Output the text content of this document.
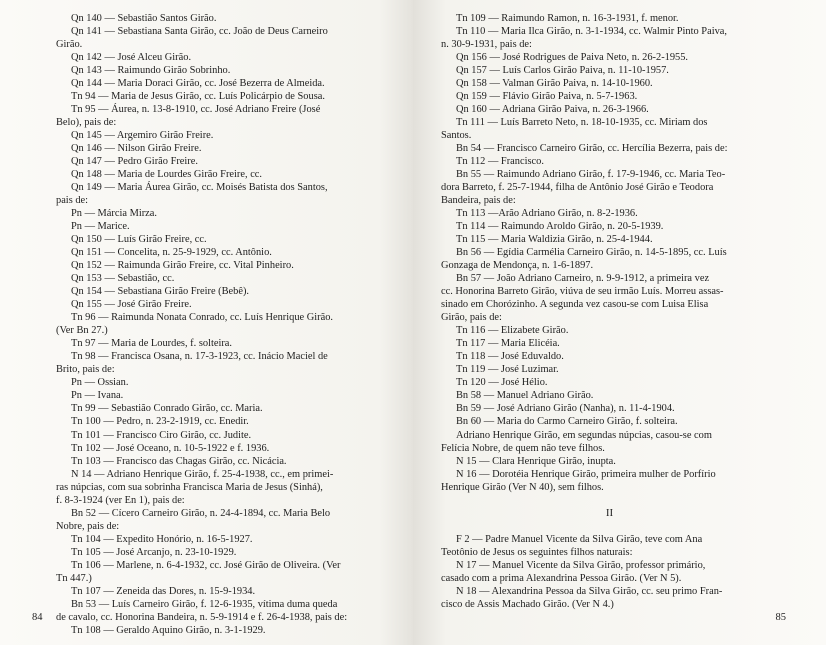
Qn 140 — Sebastião Santos Girão.
Qn 141 — Sebastiana Santa Girão, cc. João de Deus Carneiro
Girão.
Qn 142 — José Alceu Girão.
Qn 143 — Raimundo Girão Sobrinho.
Qn 144 — Maria Doraci Girão, cc. José Bezerra de Almeida.
Tn 94 — Maria de Jesus Girão, cc. Luís Policárpio de Sousa.
Tn 95 — Áurea, n. 13-8-1910, cc. José Adriano Freire (José
Belo), pais de:
Qn 145 — Argemiro Girão Freire.
Qn 146 — Nilson Girão Freire.
Qn 147 — Pedro Girão Freire.
Qn 148 — Maria de Lourdes Girão Freire, cc.
Qn 149 — Maria Áurea Girão, cc. Moisés Batista dos Santos,
pais de:
Pn — Márcia Mirza.
Pn — Marice.
Qn 150 — Luís Girão Freire, cc.
Qn 151 — Concelita, n. 25-9-1929, cc. Antônio.
Qn 152 — Raimunda Girão Freire, cc. Vital Pinheiro.
Qn 153 — Sebastião, cc.
Qn 154 — Sebastiana Girão Freire (Bebê).
Qn 155 — José Girão Freire.
Tn 96 — Raimunda Nonata Conrado, cc. Luís Henrique Girão.
(Ver Bn 27.)
Tn 97 — Maria de Lourdes, f. solteira.
Tn 98 — Francisca Osana, n. 17-3-1923, cc. Inácio Maciel de
Brito, pais de:
Pn — Ossian.
Pn — Ivana.
Tn 99 — Sebastião Conrado Girão, cc. Maria.
Tn 100 — Pedro, n. 23-2-1919, cc. Enedir.
Tn 101 — Francisco Ciro Girão, cc. Judite.
Tn 102 — José Oceano, n. 10-5-1922 e f. 1936.
Tn 103 — Francisco das Chagas Girão, cc. Nicácia.
N 14 — Adriano Henrique Girão, f. 25-4-1938, cc., em primei-
ras núpcias, com sua sobrinha Francisca Maria de Jesus (Sinhá),
f. 8-3-1924 (ver En 1), pais de:
Bn 52 — Cícero Carneiro Girão, n. 24-4-1894, cc. Maria Belo
Nobre, pais de:
Tn 104 — Expedito Honório, n. 16-5-1927.
Tn 105 — José Arcanjo, n. 23-10-1929.
Tn 106 — Marlene, n. 6-4-1932, cc. José Girão de Oliveira. (Ver
Tn 447.)
Tn 107 — Zeneida das Dores, n. 15-9-1934.
Bn 53 — Luís Carneiro Girão, f. 12-6-1935, vítima duma queda
de cavalo, cc. Honorina Bandeira, n. 5-9-1914 e f. 26-4-1938, pais de:
Tn 108 — Geraldo Aquino Girão, n. 3-1-1929.
84
Tn 109 — Raimundo Ramon, n. 16-3-1931, f. menor.
Tn 110 — Maria Ilca Girão, n. 3-1-1934, cc. Walmir Pinto Paiva,
n. 30-9-1931, pais de:
Qn 156 — José Rodrigues de Paiva Neto, n. 26-2-1955.
Qn 157 — Luís Carlos Girão Paiva, n. 11-10-1957.
Qn 158 — Valman Girão Paiva, n. 14-10-1960.
Qn 159 — Flávio Girão Paiva, n. 5-7-1963.
Qn 160 — Adriana Girão Paiva, n. 26-3-1966.
Tn 111 — Luís Barreto Neto, n. 18-10-1935, cc. Miriam dos
Santos.
Bn 54 — Francisco Carneiro Girão, cc. Hercília Bezerra, pais de:
Tn 112 — Francisco.
Bn 55 — Raimundo Adriano Girão, f. 17-9-1946, cc. Maria Teo-
dora Barreto, f. 25-7-1944, filha de Antônio José Girão e Teodora
Bandeira, pais de:
Tn 113 —Arão Adriano Girão, n. 8-2-1936.
Tn 114 — Raimundo Aroldo Girão, n. 20-5-1939.
Tn 115 — Maria Waldizia Girão, n. 25-4-1944.
Bn 56 — Egídia Carmélia Carneiro Girão, n. 14-5-1895, cc. Luís
Gonzaga de Mendonça, n. 1-6-1897.
Bn 57 — João Adriano Carneiro, n. 9-9-1912, a primeira vez
cc. Honorina Barreto Girão, viúva de seu irmão Luís. Morreu assas-
sinado em Chorózinho. A segunda vez casou-se com Luisa Elisa
Girão, pais de:
Tn 116 — Elizabete Girão.
Tn 117 — Maria Elicéia.
Tn 118 — José Eduvaldo.
Tn 119 — José Luzimar.
Tn 120 — José Hélio.
Bn 58 — Manuel Adriano Girão.
Bn 59 — José Adriano Girão (Nanha), n. 11-4-1904.
Bn 60 — Maria do Carmo Carneiro Girão, f. solteira.
Adriano Henrique Girão, em segundas núpcias, casou-se com
Felícia Nobre, de quem não teve filhos.
N 15 — Clara Henrique Girão, inupta.
N 16 — Dorotéia Henrique Girão, primeira mulher de Porfírio
Henrique Girão (Ver N 40), sem filhos.
II
F 2 — Padre Manuel Vicente da Silva Girão, teve com Ana
Teotônio de Jesus os seguintes filhos naturais:
N 17 — Manuel Vicente da Silva Girão, professor primário,
casado com a prima Alexandrina Pessoa Girão. (Ver N 5).
N 18 — Alexandrina Pessoa da Silva Girão, cc. seu primo Fran-
cisco de Assis Machado Girão. (Ver N 4.)
85
